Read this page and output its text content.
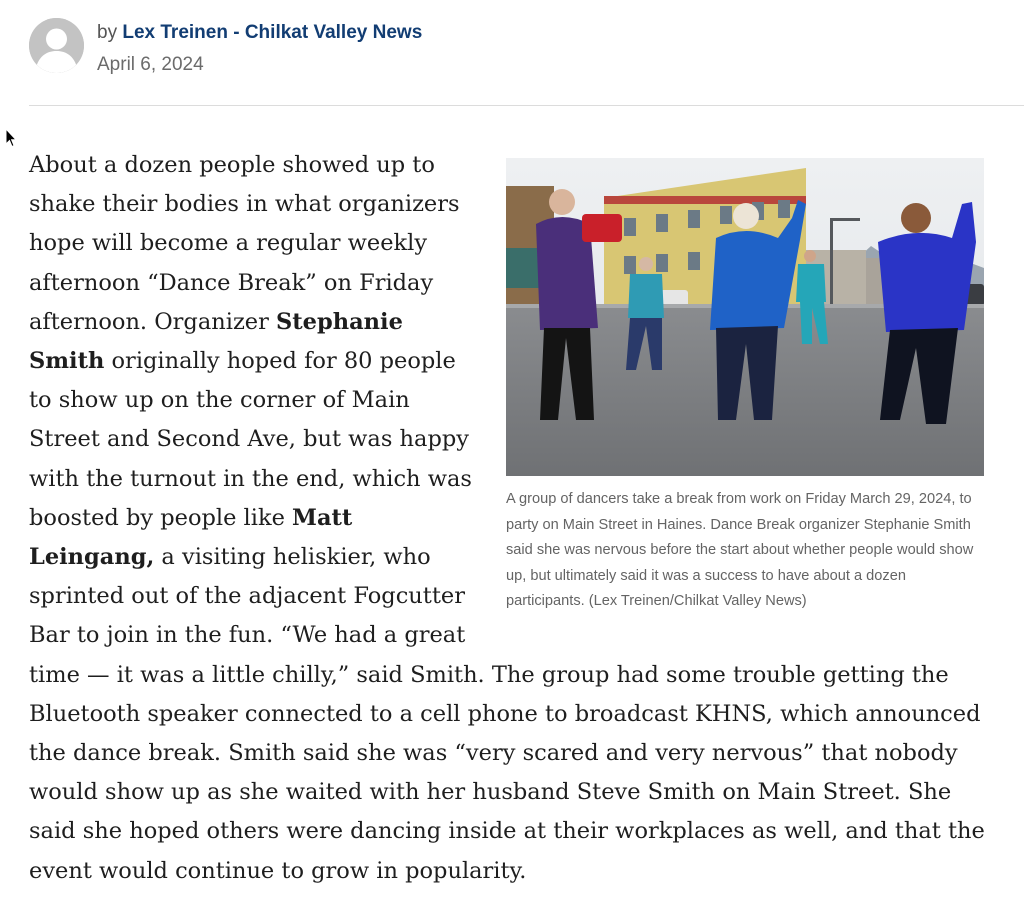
by Lex Treinen - Chilkat Valley News
April 6, 2024
A group of dancers take a break from work on Friday March 29, 2024, to party on Main Street in Haines. Dance Break organizer Stephanie Smith said she was nervous before the start about whether people would show up, but ultimately said it was a success to have about a dozen participants. (Lex Treinen/Chilkat Valley News)

About a dozen people showed up to shake their bodies in what organizers hope will become a regular weekly afternoon “Dance Break” on Friday afternoon. Organizer Stephanie Smith originally hoped for 80 people to show up on the corner of Main Street and Second Ave, but was happy with the turnout in the end, which was boosted by people like Matt Leingang, a visiting heliskier, who sprinted out of the adjacent Fogcutter Bar to join in the fun. “We had a great time — it was a little chilly,” said Smith. The group had some trouble getting the Bluetooth speaker connected to a cell phone to broadcast KHNS, which announced the dance break. Smith said she was “very scared and very nervous” that nobody would show up as she waited with her husband Steve Smith on Main Street. She said she hoped others were dancing inside at their workplaces as well, and that the event would continue to grow in popularity.
